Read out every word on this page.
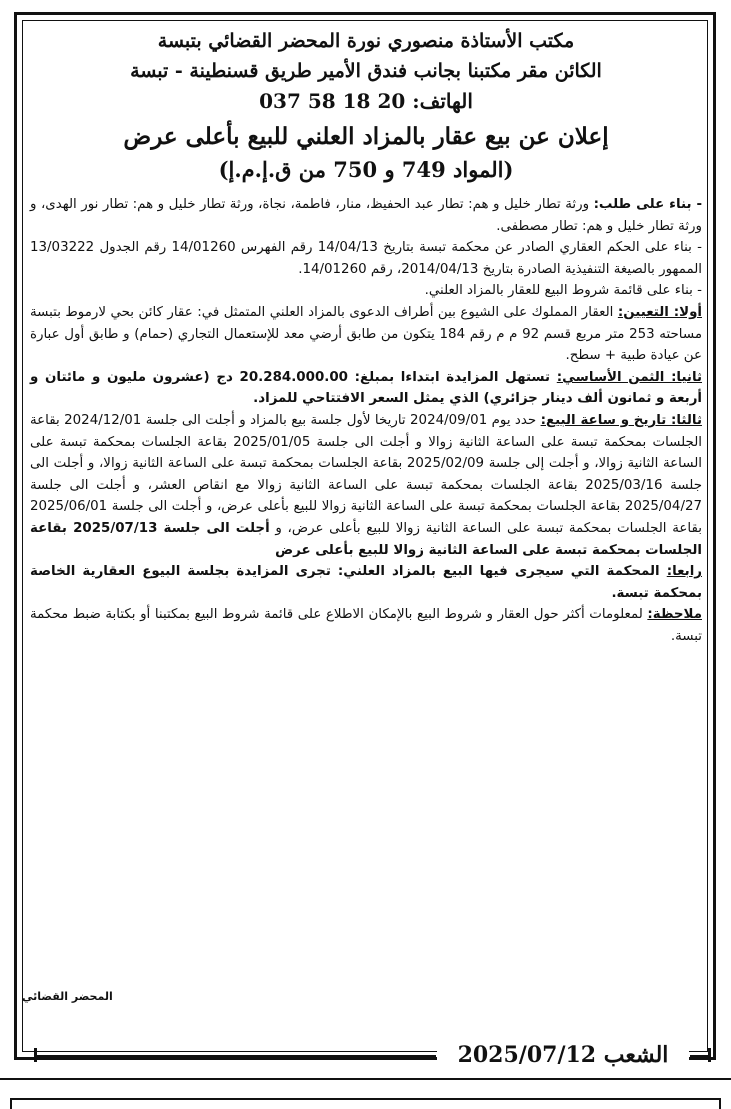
مكتب الأستاذة منصوري نورة المحضر القضائي بتبسة

الكائن مقر مكتبنا بجانب فندق الأمير طريق قسنطينة - تبسة

الهاتف: 20 18 58 037

إعلان عن بيع عقار بالمزاد العلني للبيع بأعلى عرض

(المواد 749 و 750 من ق.إ.م.إ)

- بناء على طلب: ورثة تطار خليل و هم: تطار عبد الحفيظ، منار، فاطمة، نجاة، ورثة تطار خليل و هم: تطار نور الهدى، و ورثة تطار خليل و هم: تطار مصطفى.

- بناء على الحكم العقاري الصادر عن محكمة تبسة بتاريخ 14/04/13 رقم الفهرس 14/01260 رقم الجدول 13/03222 الممهور بالصيغة التنفيذية الصادرة بتاريخ 2014/04/13، رقم 14/01260.

- بناء على قائمة شروط البيع للعقار بالمزاد العلني.

أولا: التعيين: العقار المملوك على الشيوع بين أطراف الدعوى بالمزاد العلني المتمثل في: عقار كائن بحي لارموط بتبسة مساحته 253 متر مربع قسم 92 م م رقم 184 يتكون من طابق أرضي معد للإستعمال التجاري (حمام) و طابق أول عبارة عن عيادة طبية + سطح.

ثانيا: الثمن الأساسي: تستهل المزايدة ابتداءا بمبلغ: 20.284.000.00 دج (عشرون مليون و مائتان و أربعة و ثمانون ألف دينار جزائري) الذي يمثل السعر الافتتاحي للمزاد.

ثالثا: تاريخ و ساعة البيع: حدد يوم 2024/09/01 تاريخا لأول جلسة بيع بالمزاد و أجلت الى جلسة 2024/12/01 بقاعة الجلسات بمحكمة تبسة على الساعة الثانية زوالا و أجلت الى جلسة 2025/01/05 بقاعة الجلسات بمحكمة تبسة على الساعة الثانية زوالا، و أجلت إلى جلسة 2025/02/09 بقاعة الجلسات بمحكمة تبسة على الساعة الثانية زوالا، و أجلت الى جلسة 2025/03/16 بقاعة الجلسات بمحكمة تبسة على الساعة الثانية زوالا مع انقاص العشر، و أجلت الى جلسة 2025/04/27 بقاعة الجلسات بمحكمة تبسة على الساعة الثانية زوالا للبيع بأعلى عرض، و أجلت الى جلسة 2025/06/01 بقاعة الجلسات بمحكمة تبسة على الساعة الثانية زوالا للبيع بأعلى عرض، و أجلت الى جلسة 2025/07/13 بقاعة الجلسات بمحكمة تبسة على الساعة الثانية زوالا للبيع بأعلى عرض

رابعا: المحكمة التي سيجرى فيها البيع بالمزاد العلني: تجرى المزايدة بجلسة البيوع العقارية الخاصة بمحكمة تبسة.

ملاحظة: لمعلومات أكثر حول العقار و شروط البيع بالإمكان الاطلاع على قائمة شروط البيع بمكتبنا أو بكتابة ضبط محكمة تبسة.

المحضر القضائي
الشعب 2025/07/12
